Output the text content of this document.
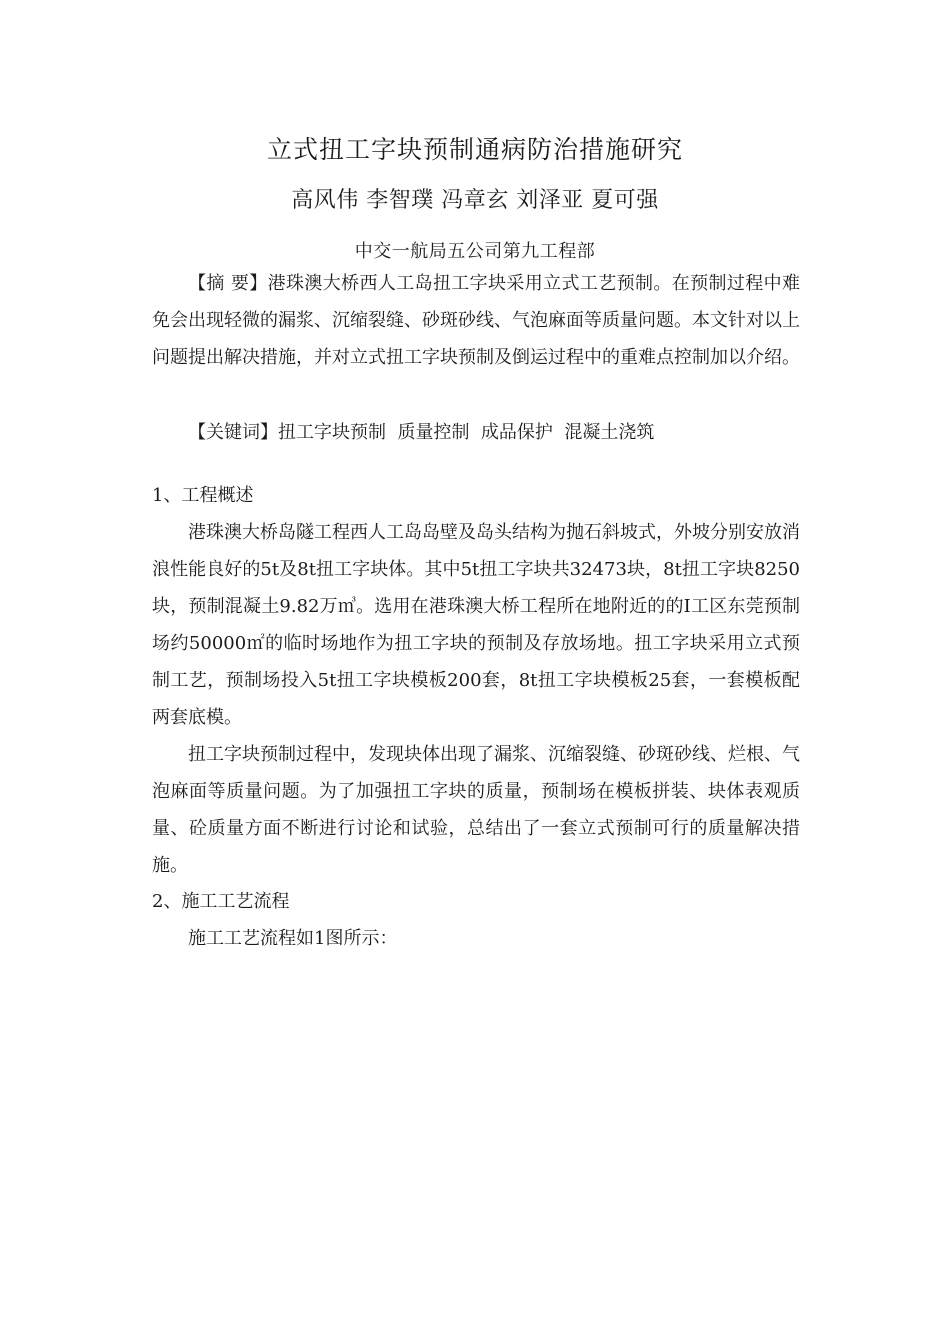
立式扭工字块预制通病防治措施研究
高风伟 李智璞 冯章玄 刘泽亚 夏可强
中交一航局五公司第九工程部
【摘 要】港珠澳大桥西人工岛扭工字块采用立式工艺预制。在预制过程中难免会出现轻微的漏浆、沉缩裂缝、砂斑砂线、气泡麻面等质量问题。本文针对以上问题提出解决措施，并对立式扭工字块预制及倒运过程中的重难点控制加以介绍。
【关键词】扭工字块预制  质量控制  成品保护  混凝土浇筑
1、工程概述
港珠澳大桥岛隧工程西人工岛岛壁及岛头结构为抛石斜坡式，外坡分别安放消浪性能良好的5t及8t扭工字块体。其中5t扭工字块共32473块，8t扭工字块8250块，预制混凝土9.82万㎥。选用在港珠澳大桥工程所在地附近的的Ⅰ工区东莞预制场约50000㎡的临时场地作为扭工字块的预制及存放场地。扭工字块采用立式预制工艺，预制场投入5t扭工字块模板200套，8t扭工字块模板25套，一套模板配两套底模。
扭工字块预制过程中，发现块体出现了漏浆、沉缩裂缝、砂斑砂线、烂根、气泡麻面等质量问题。为了加强扭工字块的质量，预制场在模板拼装、块体表观质量、砼质量方面不断进行讨论和试验，总结出了一套立式预制可行的质量解决措施。
2、施工工艺流程
施工工艺流程如1图所示：
